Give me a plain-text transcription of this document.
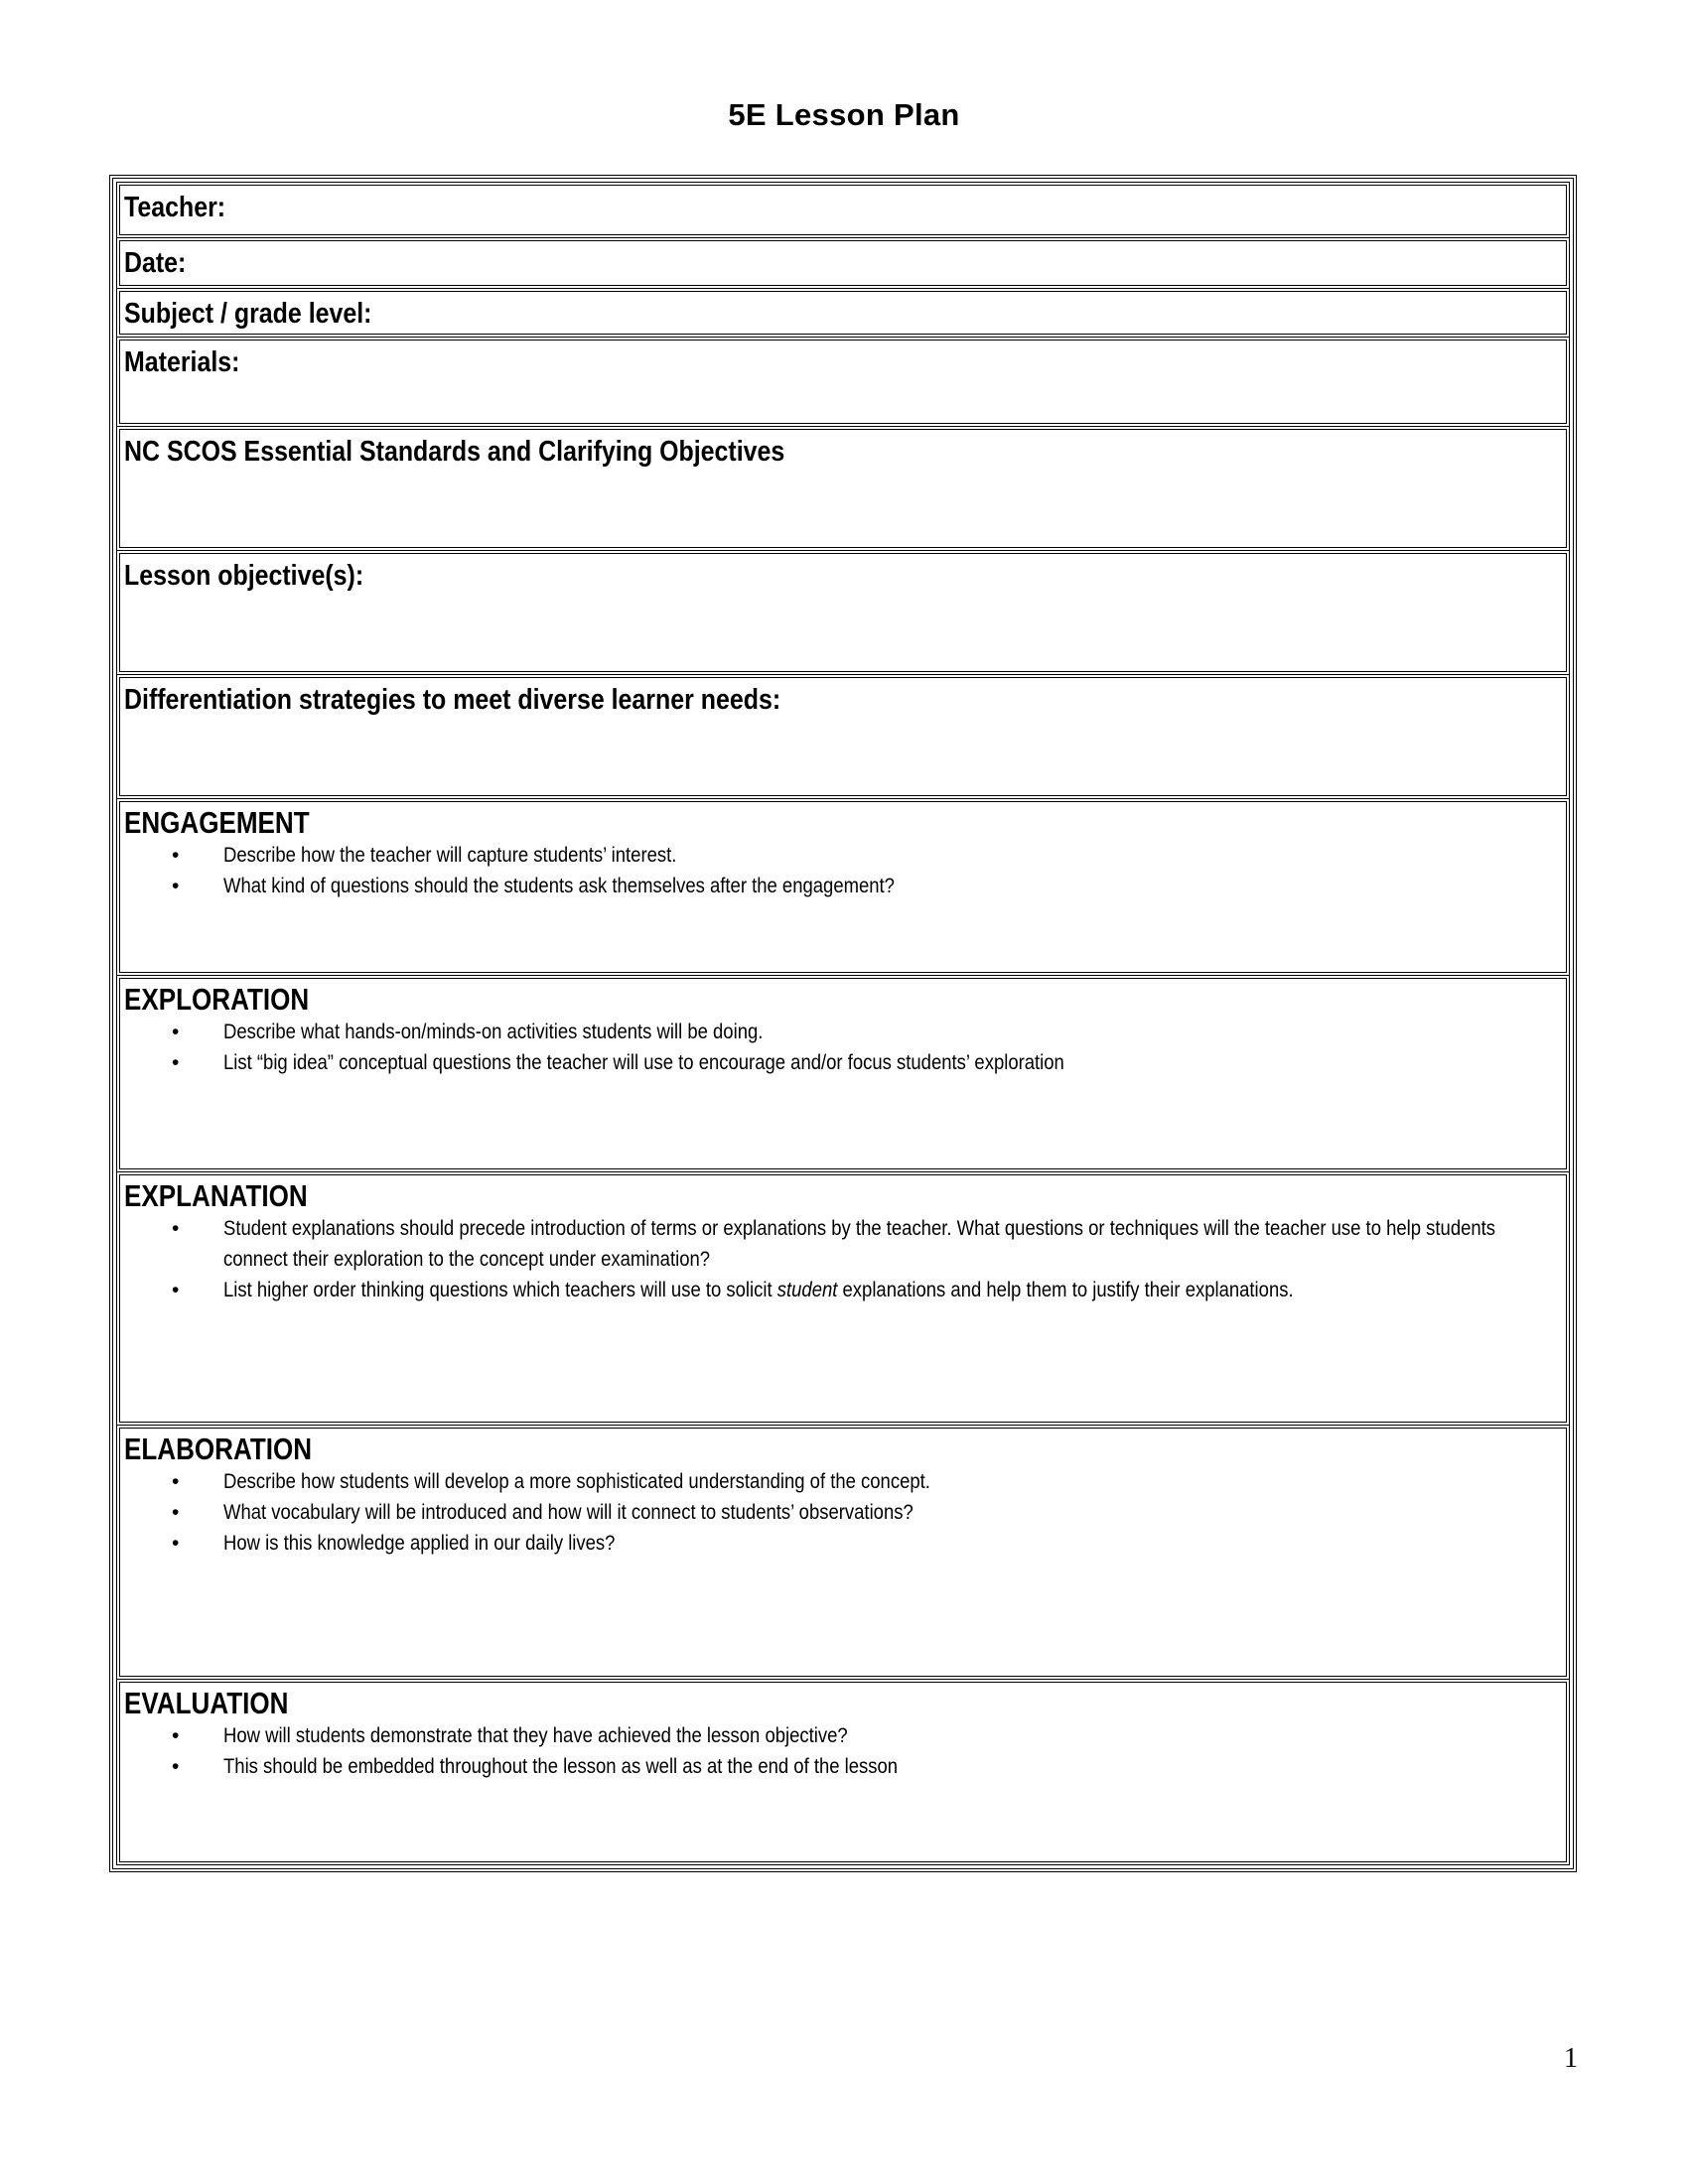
5E Lesson Plan
Teacher:
Date:
Subject / grade level:
Materials:
NC SCOS Essential Standards and Clarifying Objectives
Lesson objective(s):
Differentiation strategies to meet diverse learner needs:
ENGAGEMENT
• Describe how the teacher will capture students’ interest.
• What kind of questions should the students ask themselves after the engagement?
EXPLORATION
• Describe what hands-on/minds-on activities students will be doing.
• List “big idea” conceptual questions the teacher will use to encourage and/or focus students’ exploration
EXPLANATION
• Student explanations should precede introduction of terms or explanations by the teacher. What questions or techniques will the teacher use to help students connect their exploration to the concept under examination?
• List higher order thinking questions which teachers will use to solicit student explanations and help them to justify their explanations.
ELABORATION
• Describe how students will develop a more sophisticated understanding of the concept.
• What vocabulary will be introduced and how will it connect to students’ observations?
• How is this knowledge applied in our daily lives?
EVALUATION
• How will students demonstrate that they have achieved the lesson objective?
• This should be embedded throughout the lesson as well as at the end of the lesson
1
